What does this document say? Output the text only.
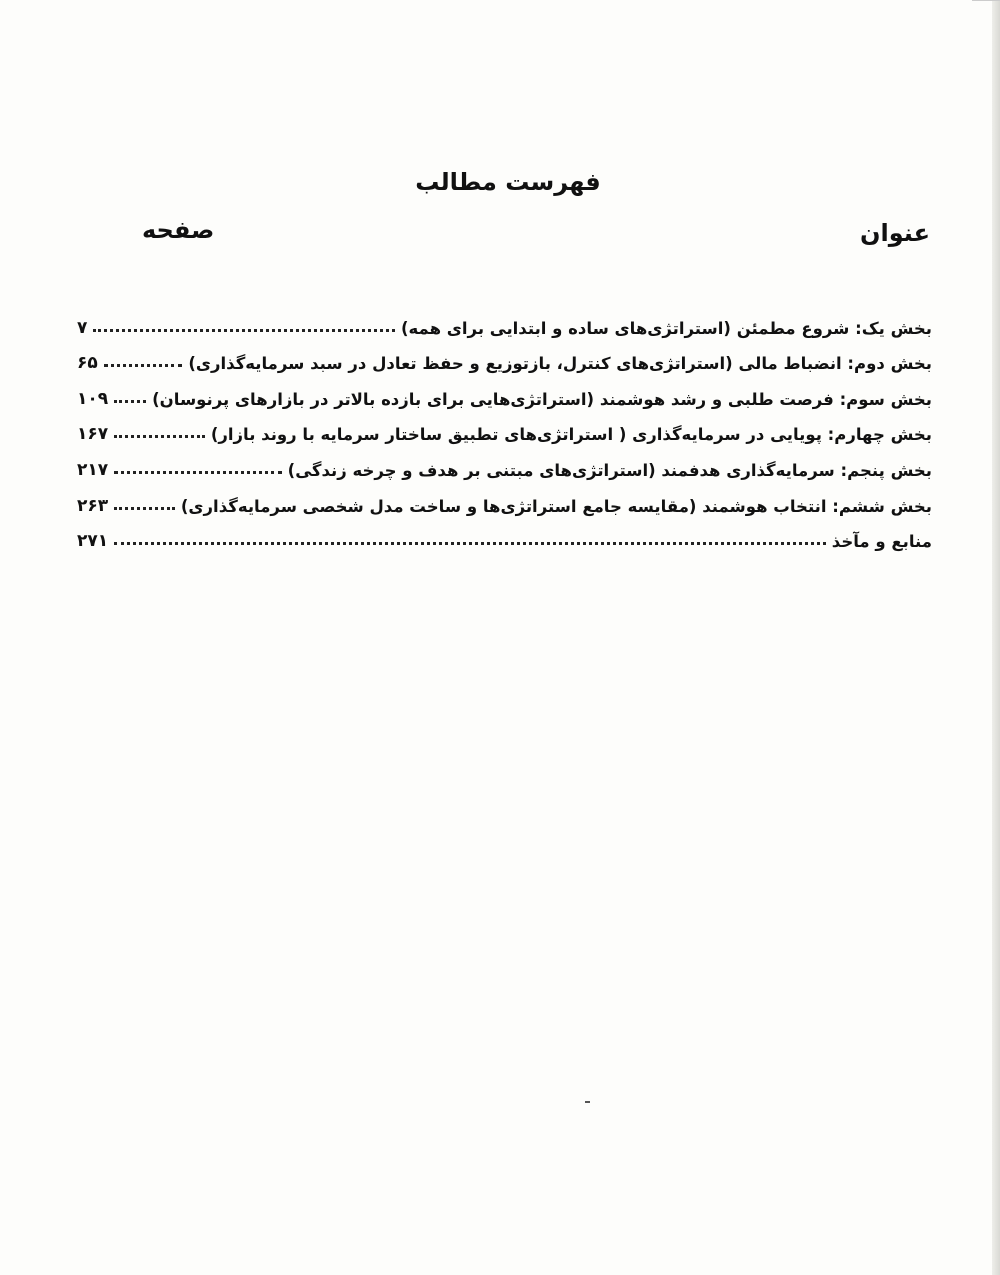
فهرست مطالب
عنوان
صفحه
بخش یک: شروع مطمئن (استراتژی‌های ساده و ابتدایی برای همه)
۷
بخش دوم: انضباط مالی (استراتژی‌های کنترل، بازتوزیع و حفظ تعادل در سبد سرمایه‌گذاری)
۶۵
بخش سوم: فرصت طلبی و رشد هوشمند (استراتژی‌هایی برای بازده بالاتر در بازارهای پرنوسان)
۱۰۹
بخش چهارم: پویایی در سرمایه‌گذاری ( استراتژی‌های تطبیق ساختار سرمایه با روند بازار)
۱۶۷
بخش پنجم: سرمایه‌گذاری هدفمند (استراتژی‌های مبتنی بر هدف و چرخه زندگی)
۲۱۷
بخش ششم: انتخاب هوشمند (مقایسه جامع استراتژی‌ها و ساخت مدل شخصی سرمایه‌گذاری)
۲۶۳
منابع و مآخذ
۲۷۱
